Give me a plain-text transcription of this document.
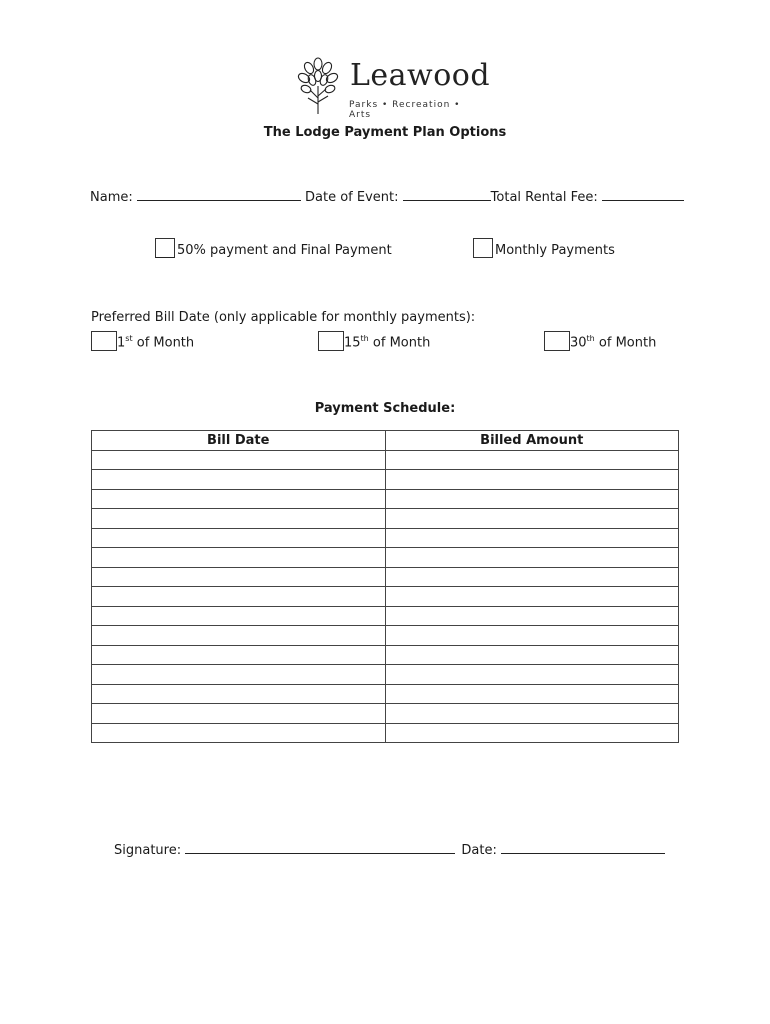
Leawood
Parks • Recreation • Arts
The Lodge Payment Plan Options
Name:	Date of Event:	Total Rental Fee:
50% payment and Final Payment	Monthly Payments
Preferred Bill Date (only applicable for monthly payments):
1st of Month	15th of Month	30th of Month
Payment Schedule:
Bill Date	Billed Amount

Signature:	Date:
